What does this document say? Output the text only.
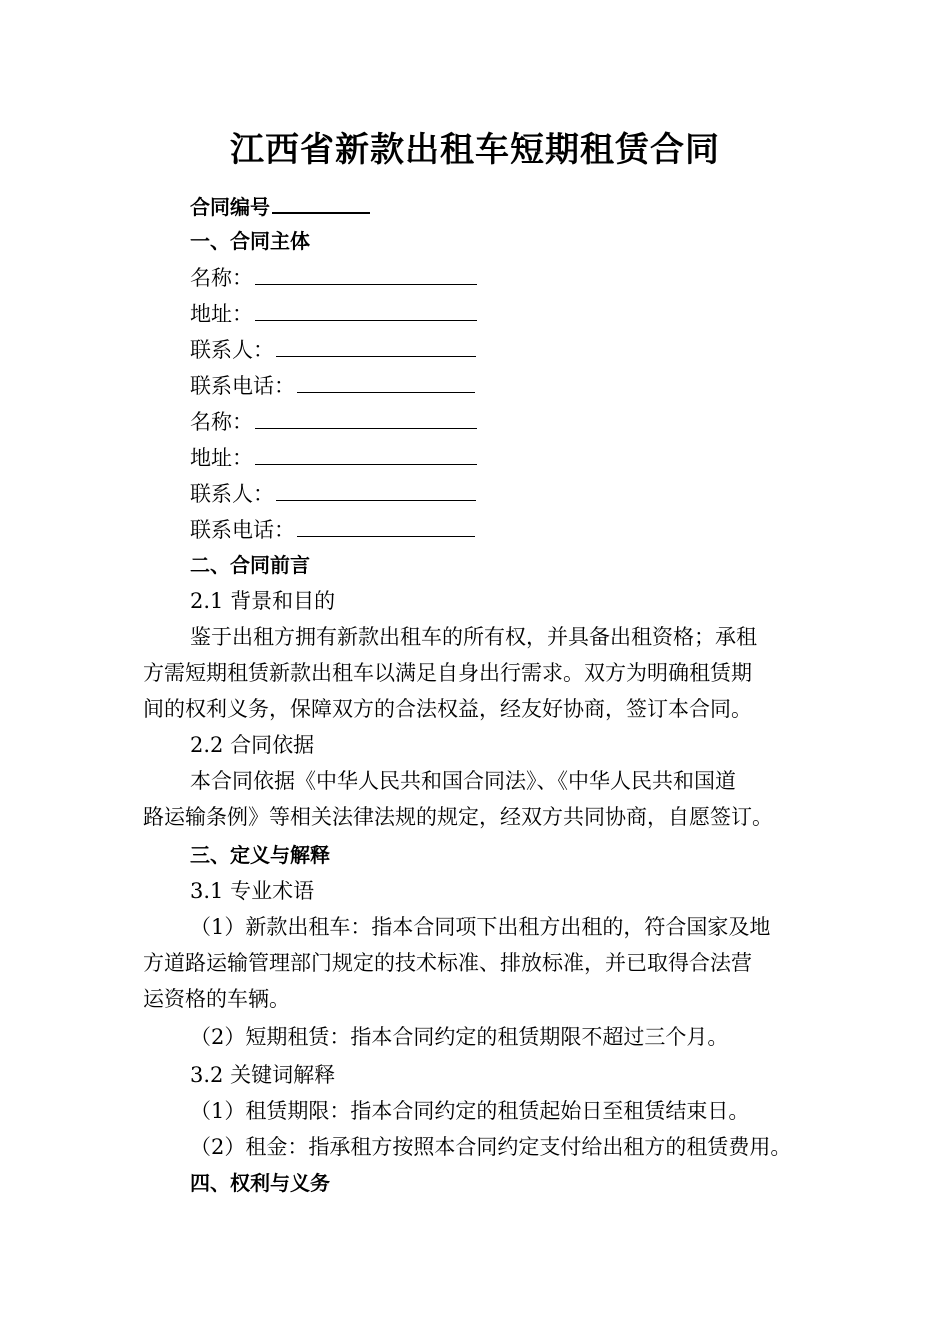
江西省新款出租车短期租赁合同
合同编号
一、合同主体
名称：
地址：
联系人：
联系电话：
名称：
地址：
联系人：
联系电话：
二、合同前言
2.1 背景和目的
鉴于出租方拥有新款出租车的所有权，并具备出租资格；承租
方需短期租赁新款出租车以满足自身出行需求。双方为明确租赁期
间的权利义务，保障双方的合法权益，经友好协商，签订本合同。
2.2 合同依据
本合同依据《中华人民共和国合同法》、《中华人民共和国道
路运输条例》等相关法律法规的规定，经双方共同协商，自愿签订。
三、定义与解释
3.1 专业术语
（1）新款出租车：指本合同项下出租方出租的，符合国家及地
方道路运输管理部门规定的技术标准、排放标准，并已取得合法营
运资格的车辆。
（2）短期租赁：指本合同约定的租赁期限不超过三个月。
3.2 关键词解释
（1）租赁期限：指本合同约定的租赁起始日至租赁结束日。
（2）租金：指承租方按照本合同约定支付给出租方的租赁费用。
四、权利与义务
